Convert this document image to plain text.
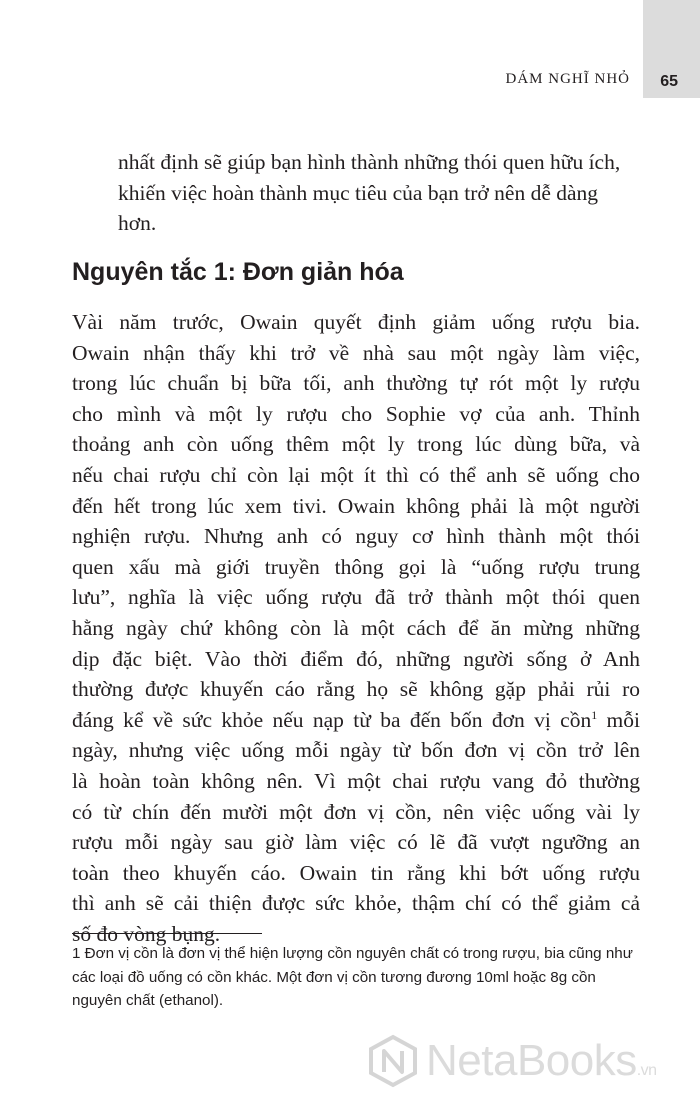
DÁM NGHĨ NHỎ 65

nhất định sẽ giúp bạn hình thành những thói quen hữu ích, khiến việc hoàn thành mục tiêu của bạn trở nên dễ dàng hơn.

Nguyên tắc 1: Đơn giản hóa
Vài năm trước, Owain quyết định giảm uống rượu bia.
Owain nhận thấy khi trở về nhà sau một ngày làm việc,
trong lúc chuẩn bị bữa tối, anh thường tự rót một ly rượu
cho mình và một ly rượu cho Sophie vợ của anh. Thỉnh
thoảng anh còn uống thêm một ly trong lúc dùng bữa, và
nếu chai rượu chỉ còn lại một ít thì có thể anh sẽ uống cho
đến hết trong lúc xem tivi. Owain không phải là một người
nghiện rượu. Nhưng anh có nguy cơ hình thành một thói
quen xấu mà giới truyền thông gọi là “uống rượu trung
lưu”, nghĩa là việc uống rượu đã trở thành một thói quen
hằng ngày chứ không còn là một cách để ăn mừng những
dịp đặc biệt. Vào thời điểm đó, những người sống ở Anh
thường được khuyến cáo rằng họ sẽ không gặp phải rủi ro
đáng kể về sức khỏe nếu nạp từ ba đến bốn đơn vị cồn$^1$ mỗi
ngày, nhưng việc uống mỗi ngày từ bốn đơn vị cồn trở lên
là hoàn toàn không nên. Vì một chai rượu vang đỏ thường
có từ chín đến mười một đơn vị cồn, nên việc uống vài ly
rượu mỗi ngày sau giờ làm việc có lẽ đã vượt ngưỡng an
toàn theo khuyến cáo. Owain tin rằng khi bớt uống rượu
thì anh sẽ cải thiện được sức khỏe, thậm chí có thể giảm cả
số đo vòng bụng.

1 Đơn vị cồn là đơn vị thể hiện lượng cồn nguyên chất có trong rượu, bia cũng như các loại đồ uống có cồn khác. Một đơn vị cồn tương đương 10ml hoặc 8g cồn nguyên chất (ethanol).

NetaBooks.vn
